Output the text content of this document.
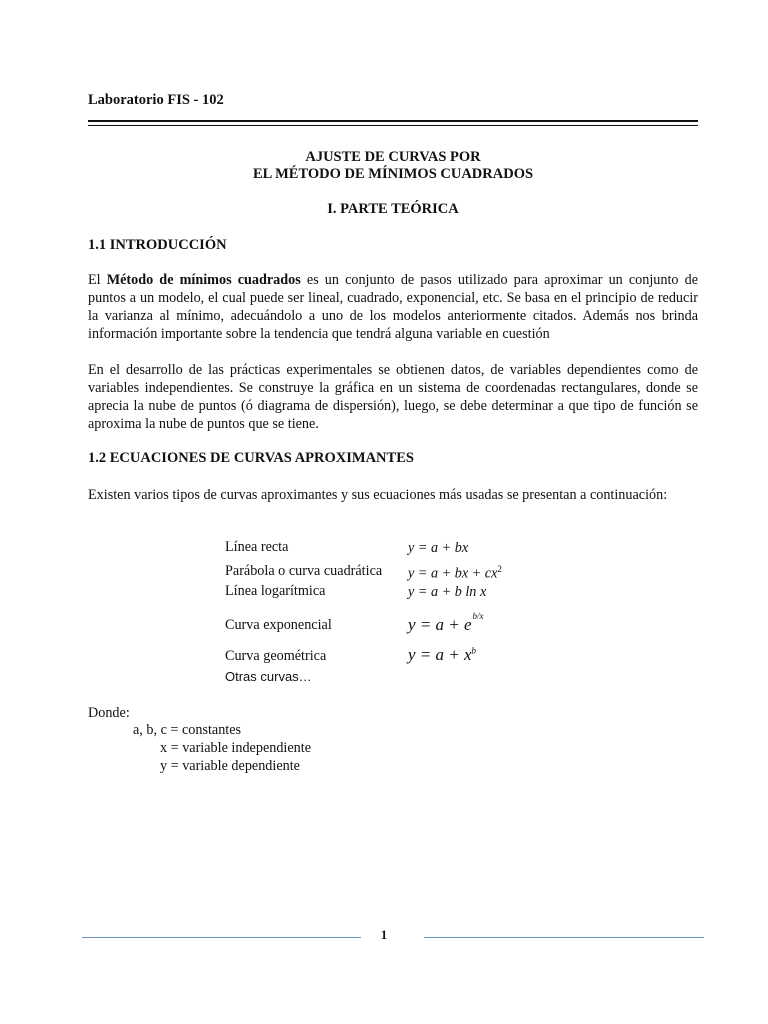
Laboratorio FIS - 102
AJUSTE DE CURVAS POR
EL MÉTODO DE MÍNIMOS CUADRADOS
I. PARTE TEÓRICA
1.1 INTRODUCCIÓN
El Método de mínimos cuadrados es un conjunto de pasos utilizado para aproximar un conjunto de puntos a un modelo, el cual puede ser lineal, cuadrado, exponencial, etc. Se basa en el principio de reducir la varianza al mínimo, adecuándolo a uno de los modelos anteriormente citados. Además nos brinda información importante sobre la tendencia que tendrá alguna variable en cuestión
En el desarrollo de las prácticas experimentales se obtienen datos, de variables dependientes como de variables independientes. Se construye la gráfica en un sistema de coordenadas rectangulares, donde se aprecia la nube de puntos (ó diagrama de dispersión), luego, se debe determinar a que tipo de función se aproxima la nube de puntos que se tiene.
1.2 ECUACIONES DE CURVAS APROXIMANTES
Existen varios tipos de curvas aproximantes y sus ecuaciones más usadas se presentan a continuación:
Línea recta	y = a + bx
Parábola o curva cuadrática y = a + bx + $cx^2$
Línea logarítmica	y = a + b ln x
Curva exponencial	$y = a + e^{b/x}$
Curva geométrica	$y = a + x^b$
Otras curvas…
Donde:
a, b, c = constantes
x = variable independiente
y = variable dependiente
1
